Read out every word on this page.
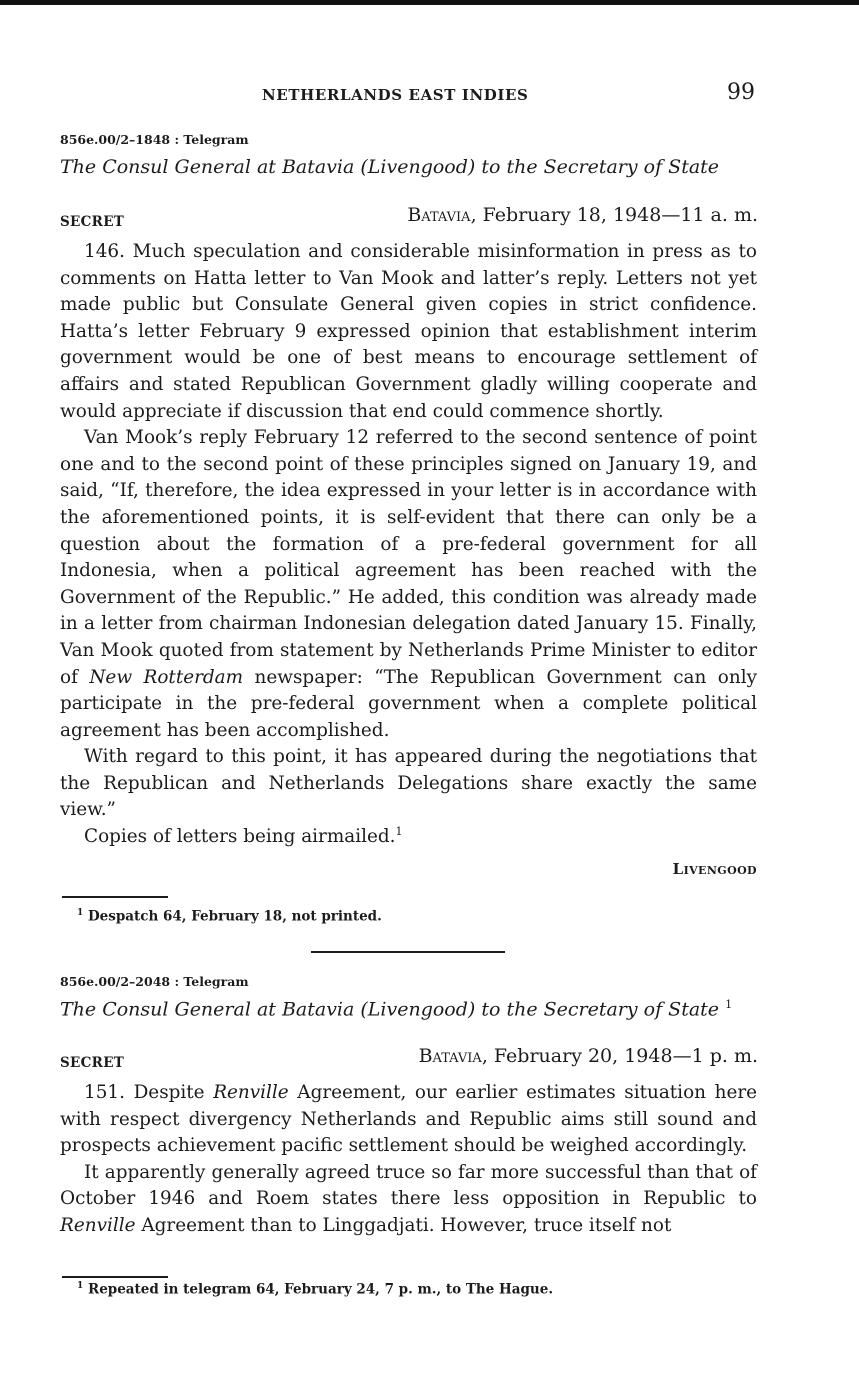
NETHERLANDS EAST INDIES	99
856e.00/2–1848 : Telegram
The Consul General at Batavia (Livengood) to the Secretary of State
SECRET	Batavia, February 18, 1948—11 a. m.

146. Much speculation and considerable misinformation in press as to comments on Hatta letter to Van Mook and latter’s reply. Letters not yet made public but Consulate General given copies in strict confidence. Hatta’s letter February 9 expressed opinion that establishment interim government would be one of best means to encourage settlement of affairs and stated Republican Government gladly willing cooperate and would appreciate if discussion that end could commence shortly.

Van Mook’s reply February 12 referred to the second sentence of point one and to the second point of these principles signed on January 19, and said, “If, therefore, the idea expressed in your letter is in accordance with the aforementioned points, it is self-evident that there can only be a question about the formation of a pre-federal government for all Indonesia, when a political agreement has been reached with the Government of the Republic.” He added, this condition was already made in a letter from chairman Indonesian delegation dated January 15. Finally, Van Mook quoted from statement by Netherlands Prime Minister to editor of New Rotterdam newspaper: “The Republican Government can only participate in the pre-federal government when a complete political agreement has been accomplished.

With regard to this point, it has appeared during the negotiations that the Republican and Netherlands Delegations share exactly the same view.”

Copies of letters being airmailed.$^1$

Livengood
$^1$ Despatch 64, February 18, not printed.
856e.00/2–2048 : Telegram
The Consul General at Batavia (Livengood) to the Secretary of State $^1$
SECRET	Batavia, February 20, 1948—1 p. m.

151. Despite Renville Agreement, our earlier estimates situation here with respect divergency Netherlands and Republic aims still sound and prospects achievement pacific settlement should be weighed accordingly.

It apparently generally agreed truce so far more successful than that of October 1946 and Roem states there less opposition in Republic to Renville Agreement than to Linggadjati. However, truce itself not

$^1$ Repeated in telegram 64, February 24, 7 p. m., to The Hague.
